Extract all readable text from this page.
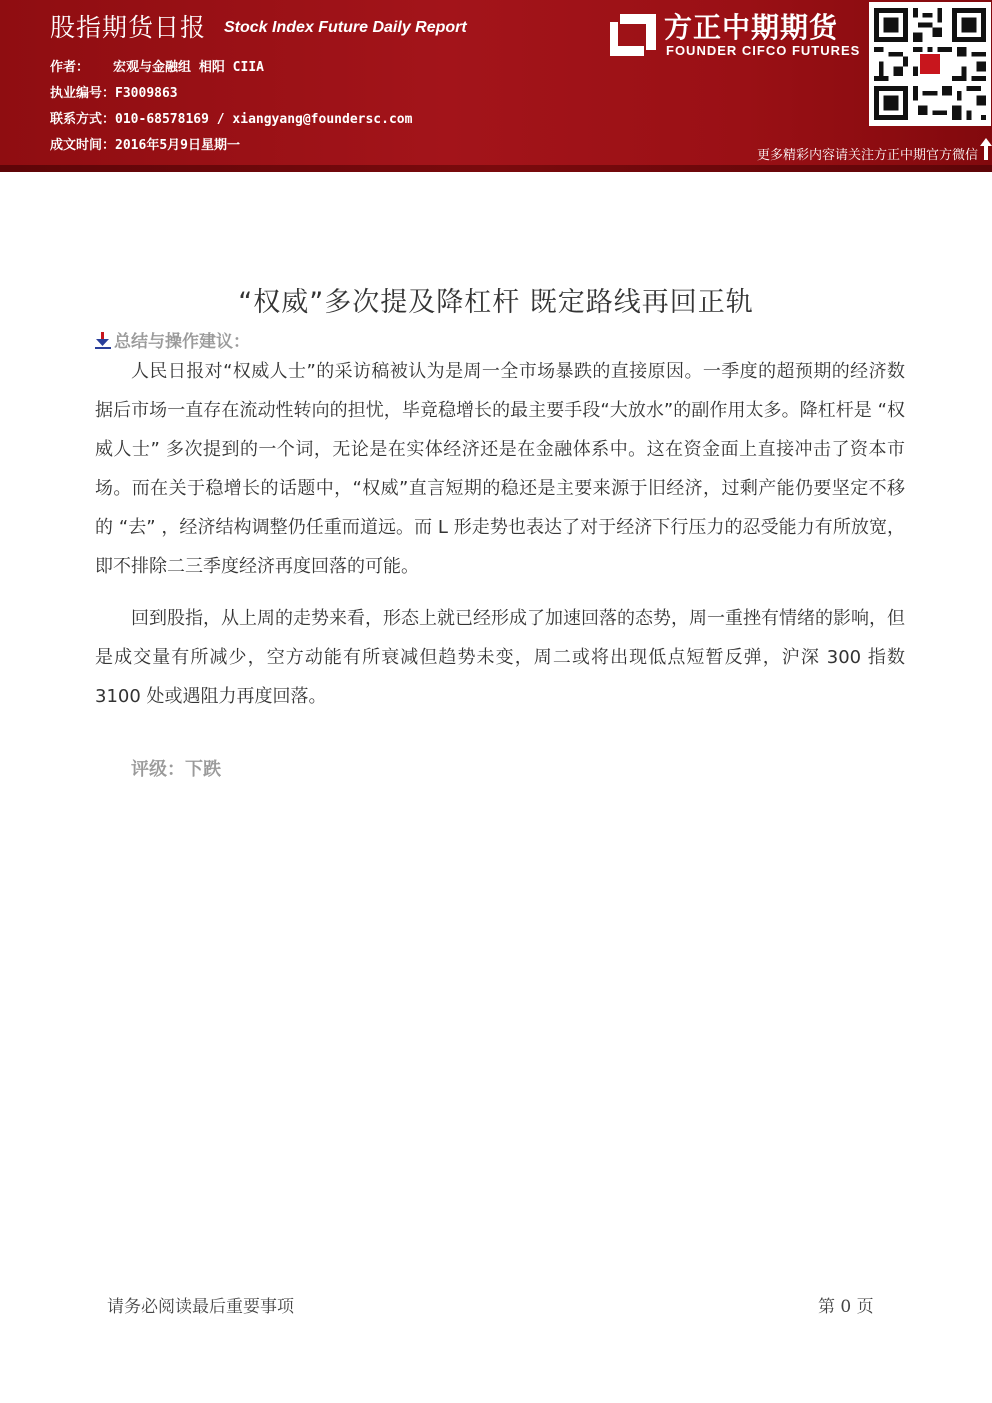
股指期货日报 Stock Index Future Daily Report
作者： 宏观与金融组 相阳 CIIA
执业编号：F3009863
联系方式：010-68578169 / xiangyang@foundersc.com
成文时间：2016年5月9日星期一
方正中期期货
FOUNDER CIFCO FUTURES
更多精彩内容请关注方正中期官方微信
“权威”多次提及降杠杆 既定路线再回正轨
总结与操作建议：
人民日报对“权威人士”的采访稿被认为是周一全市场暴跌的直接原因。一季度的超预期的经济数据后市场一直存在流动性转向的担忧，毕竟稳增长的最主要手段“大放水”的副作用太多。降杠杆是 “权威人士” 多次提到的一个词，无论是在实体经济还是在金融体系中。这在资金面上直接冲击了资本市场。而在关于稳增长的话题中，“权威”直言短期的稳还是主要来源于旧经济，过剩产能仍要坚定不移的 “去” ，经济结构调整仍任重而道远。而 L 形走势也表达了对于经济下行压力的忍受能力有所放宽，即不排除二三季度经济再度回落的可能。
回到股指，从上周的走势来看，形态上就已经形成了加速回落的态势，周一重挫有情绪的影响，但是成交量有所减少，空方动能有所衰减但趋势未变，周二或将出现低点短暂反弹，沪深 300 指数 3100 处或遇阻力再度回落。
评级：下跌
请务必阅读最后重要事项	第 0 页
